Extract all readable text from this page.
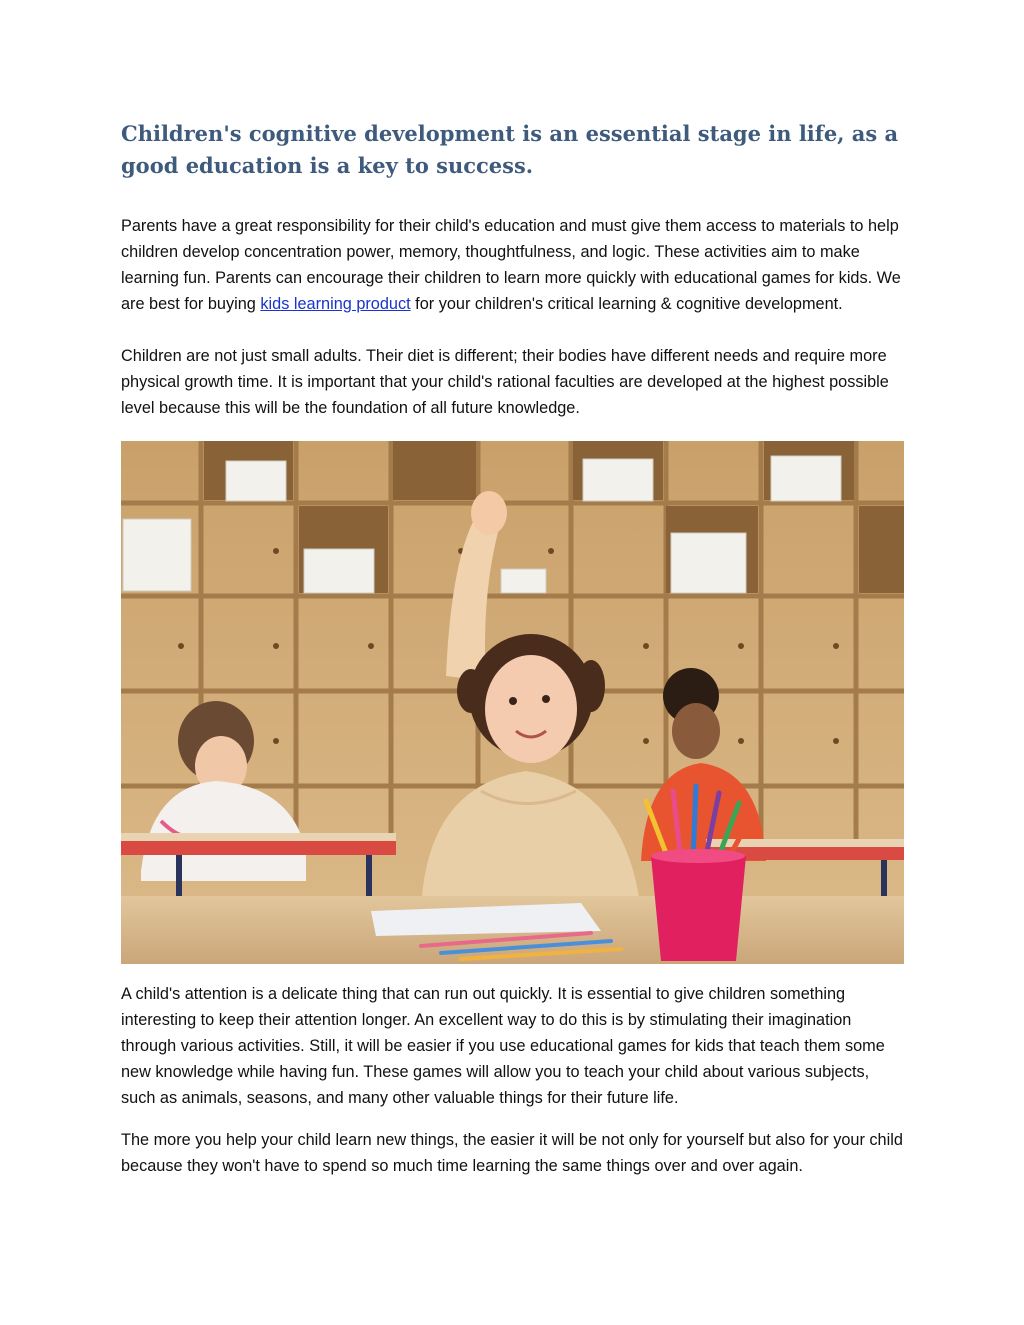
Children's cognitive development is an essential stage in life, as a good education is a key to success.

Parents have a great responsibility for their child's education and must give them access to materials to help children develop concentration power, memory, thoughtfulness, and logic. These activities aim to make learning fun. Parents can encourage their children to learn more quickly with educational games for kids. We are best for buying kids learning product for your children's critical learning & cognitive development.

Children are not just small adults. Their diet is different; their bodies have different needs and require more physical growth time. It is important that your child's rational faculties are developed at the highest possible level because this will be the foundation of all future knowledge.

A child's attention is a delicate thing that can run out quickly. It is essential to give children something interesting to keep their attention longer. An excellent way to do this is by stimulating their imagination through various activities. Still, it will be easier if you use educational games for kids that teach them some new knowledge while having fun. These games will allow you to teach your child about various subjects, such as animals, seasons, and many other valuable things for their future life.

The more you help your child learn new things, the easier it will be not only for yourself but also for your child because they won't have to spend so much time learning the same things over and over again.
